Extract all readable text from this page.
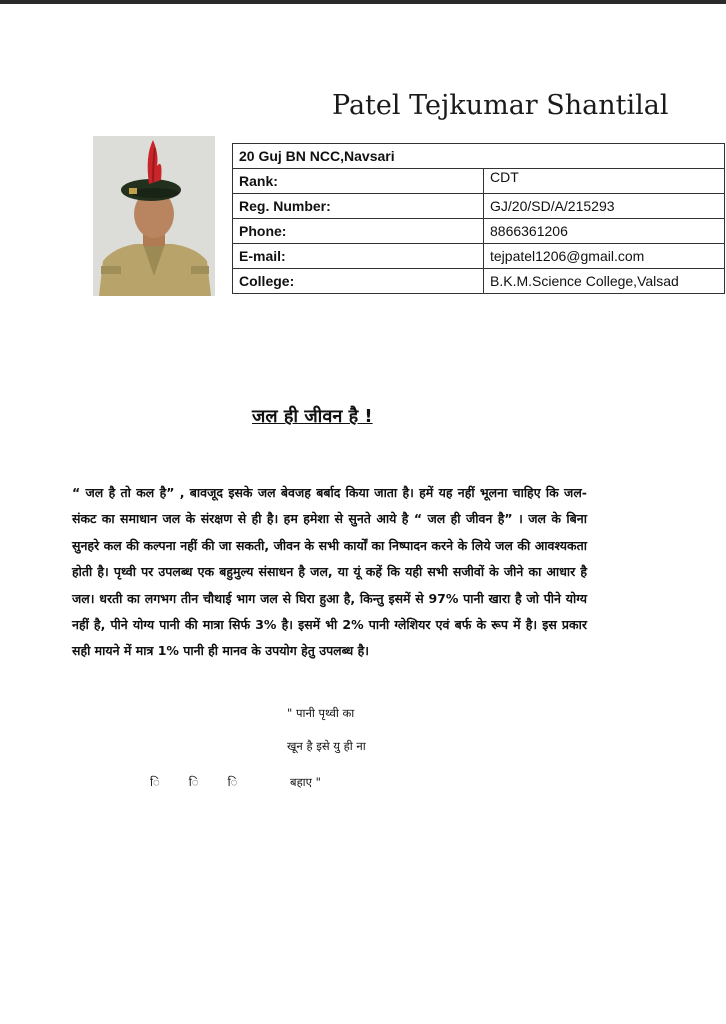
Patel Tejkumar Shantilal
20 Guj BN NCC,Navsari	
Rank:	CDT
Reg. Number:	GJ/20/SD/A/215293
Phone:	8866361206
E-mail:	tejpatel1206@gmail.com
College:	B.K.M.Science College,Valsad
जल ही जीवन है !
“ जल है तो कल है” , बावजूद इसके जल बेवजह बर्बाद किया जाता है। हमें यह नहीं भूलना चाहिए कि जल-संकट का समाधान जल के संरक्षण से ही है। हम हमेशा से सुनते आये है “ जल ही जीवन है” । जल के बिना सुनहरे कल की कल्पना नहीं की जा सकती, जीवन के सभी कार्यों का निष्पादन करने के लिये जल की आवश्यकता होती है। पृथ्वी पर उपलब्ध एक बहुमुल्य संसाधन है जल, या यूं कहें कि यही सभी सजीवों के जीने का आधार है जल। धरती का लगभग तीन चौथाई भाग जल से घिरा हुआ है, किन्तु इसमें से 97% पानी खारा है जो पीने योग्य नहीं है, पीने योग्य पानी की मात्रा सिर्फ 3% है। इसमें भी 2% पानी ग्लेशियर एवं बर्फ के रूप में है। इस प्रकार सही मायने में मात्र 1% पानी ही मानव के उपयोग हेतु उपलब्ध है।
" पानी पृथ्वी का
खून है इसे यु ही ना
ि ि ि बहाए "
